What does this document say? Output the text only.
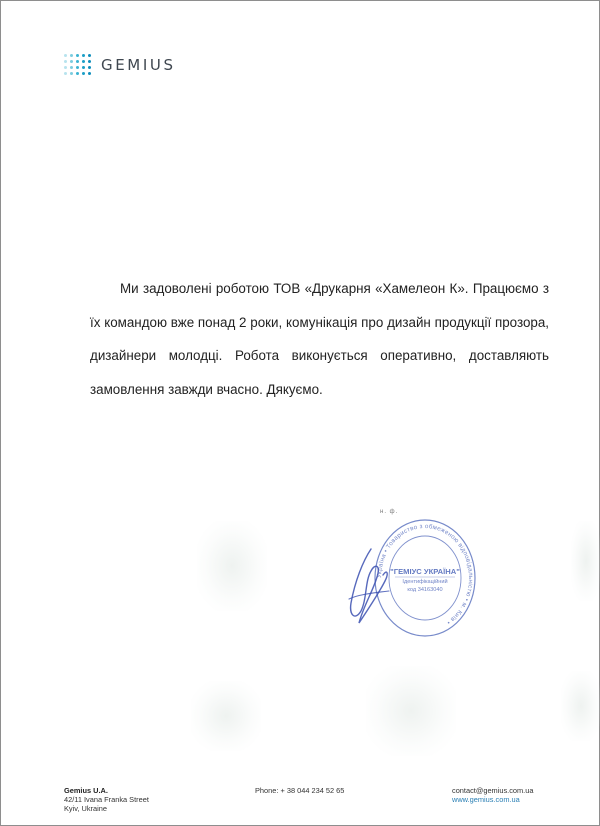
GEMIUS
Ми задоволені роботою ТОВ «Друкарня «Хамелеон К». Працюємо з
їх командою вже понад 2 роки, комунікація про дизайн продукції прозора,
дизайнери молодці. Робота виконується оперативно, доставляють
замовлення завжди вчасно. Дякуємо.
н. ф.
Україна • Товариство з обмеженою відповідальністю • м. Київ •
"ГЕМІУС УКРАЇНА"
Ідентифікаційний
код 34163040
Gemius U.A.
42/11 Ivana Franka Street
Kyiv, Ukraine
Phone: + 38 044 234 52 65	contact@gemius.com.ua
www.gemius.com.ua
